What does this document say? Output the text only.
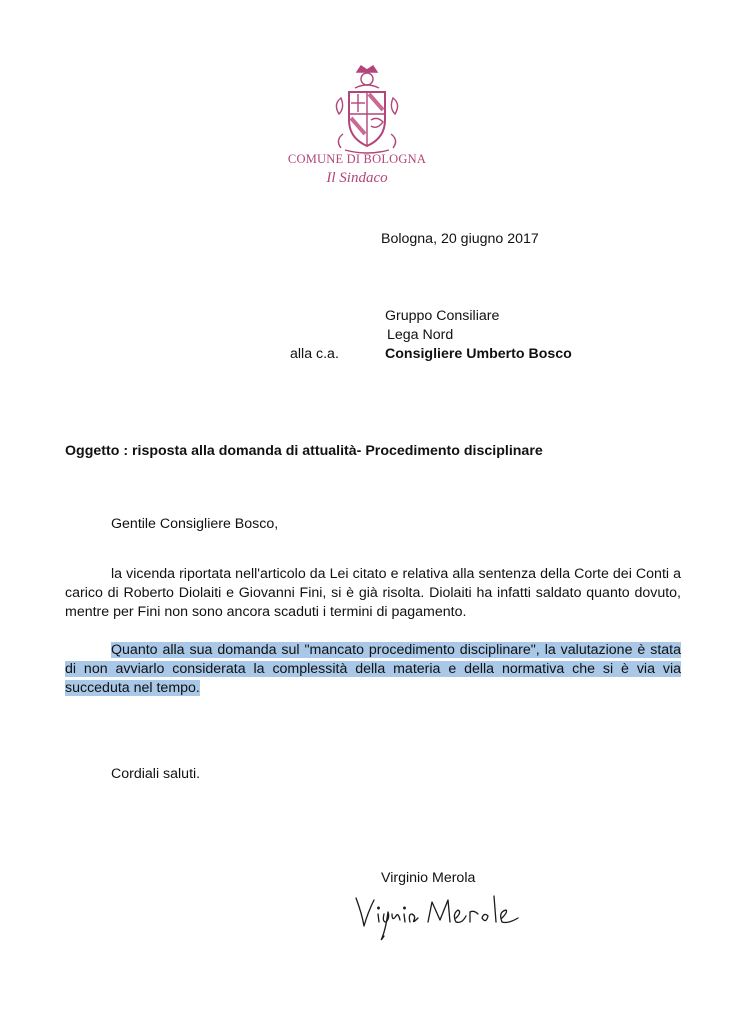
COMUNE DI BOLOGNA
Il Sindaco
Bologna, 20 giugno 2017
Gruppo Consiliare
Lega Nord
alla c.a.	Consigliere Umberto Bosco
Oggetto : risposta alla domanda di attualità- Procedimento disciplinare
Gentile Consigliere Bosco,
la vicenda riportata nell'articolo da Lei citato e relativa alla sentenza della Corte dei Conti a carico di Roberto Diolaiti e Giovanni Fini, si è già risolta. Diolaiti ha infatti saldato quanto dovuto, mentre per Fini non sono ancora scaduti i termini di pagamento.
Quanto alla sua domanda sul "mancato procedimento disciplinare", la valutazione è stata di non avviarlo considerata la complessità della materia e della normativa che si è via via succeduta nel tempo.
Cordiali saluti.
Virginio Merola
